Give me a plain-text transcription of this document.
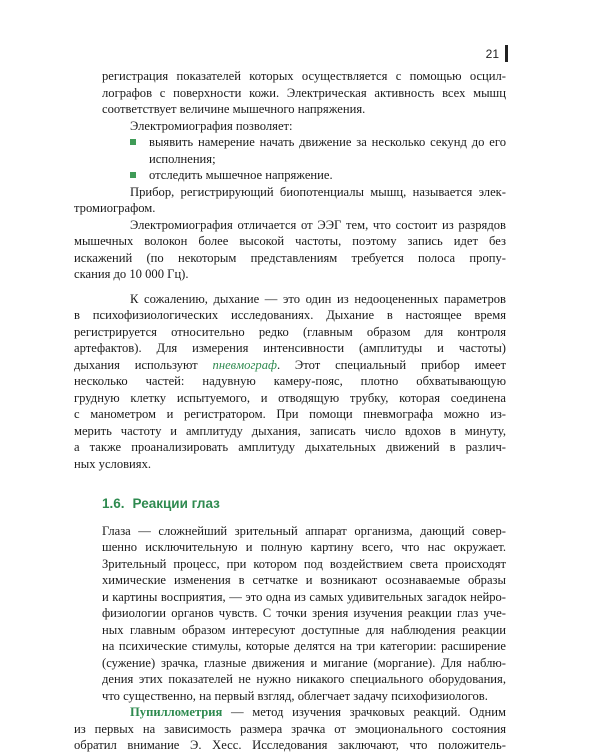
21

регистрация показателей которых осуществляется с помощью осцил-
лографов с поверхности кожи. Электрическая активность всех мышц
соответствует величине мышечного напряжения.

Электромиография позволяет:

выявить намерение начать движение за несколько секунд до его
исполнения;
отследить мышечное напряжение.

Прибор, регистрирующий биопотенциалы мышц, называется элек-
тромиографом.

Электромиография отличается от ЭЭГ тем, что состоит из разрядов
мышечных волокон более высокой частоты, поэтому запись идет без
искажений (по некоторым представлениям требуется полоса пропу-
скания до 10 000 Гц).

К сожалению, дыхание — это один из недооцененных параметров
в психофизиологических исследованиях. Дыхание в настоящее время
регистрируется относительно редко (главным образом для контроля
артефактов). Для измерения интенсивности (амплитуды и частоты)
дыхания используют пневмограф. Этот специальный прибор имеет
несколько частей: надувную камеру-пояс, плотно обхватывающую
грудную клетку испытуемого, и отводящую трубку, которая соединена
с манометром и регистратором. При помощи пневмографа можно из-
мерить частоту и амплитуду дыхания, записать число вдохов в минуту,
а также проанализировать амплитуду дыхательных движений в различ-
ных условиях.

1.6. Реакции глаз

Глаза — сложнейший зрительный аппарат организма, дающий совер-
шенно исключительную и полную картину всего, что нас окружает.
Зрительный процесс, при котором под воздействием света происходят
химические изменения в сетчатке и возникают осознаваемые образы
и картины восприятия, — это одна из самых удивительных загадок нейро-
физиологии органов чувств. С точки зрения изучения реакции глаз уче-
ных главным образом интересуют доступные для наблюдения реакции
на психические стимулы, которые делятся на три категории: расширение
(сужение) зрачка, глазные движения и мигание (моргание). Для наблю-
дения этих показателей не нужно никакого специального оборудования,
что существенно, на первый взгляд, облегчает задачу психофизиологов.

Пупиллометрия — метод изучения зрачковых реакций. Одним
из первых на зависимость размера зрачка от эмоционального состояния
обратил внимание Э. Хесс. Исследования заключают, что положитель-
